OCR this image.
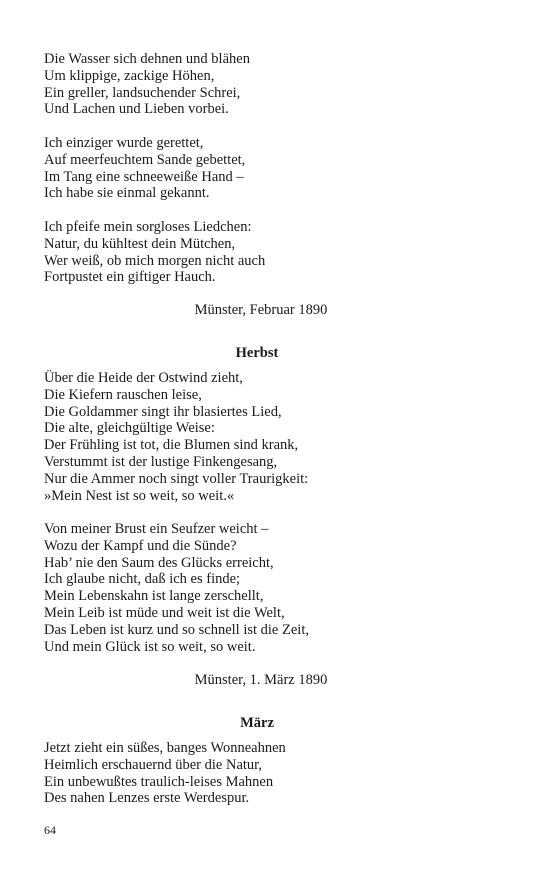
Die Wasser sich dehnen und blähen
Um klippige, zackige Höhen,
Ein greller, landsuchender Schrei,
Und Lachen und Lieben vorbei.
Ich einziger wurde gerettet,
Auf meerfeuchtem Sande gebettet,
Im Tang eine schneeweiße Hand –
Ich habe sie einmal gekannt.
Ich pfeife mein sorgloses Liedchen:
Natur, du kühltest dein Mütchen,
Wer weiß, ob mich morgen nicht auch
Fortpustet ein giftiger Hauch.
Münster, Februar 1890
Herbst
Über die Heide der Ostwind zieht,
Die Kiefern rauschen leise,
Die Goldammer singt ihr blasiertes Lied,
Die alte, gleichgültige Weise:
Der Frühling ist tot, die Blumen sind krank,
Verstummt ist der lustige Finkengesang,
Nur die Ammer noch singt voller Traurigkeit:
»Mein Nest ist so weit, so weit.«
Von meiner Brust ein Seufzer weicht –
Wozu der Kampf und die Sünde?
Hab’ nie den Saum des Glücks erreicht,
Ich glaube nicht, daß ich es finde;
Mein Lebenskahn ist lange zerschellt,
Mein Leib ist müde und weit ist die Welt,
Das Leben ist kurz und so schnell ist die Zeit,
Und mein Glück ist so weit, so weit.
Münster, 1. März 1890
März
Jetzt zieht ein süßes, banges Wonneahnen
Heimlich erschauernd über die Natur,
Ein unbewußtes traulich-leises Mahnen
Des nahen Lenzes erste Werdespur.
64
